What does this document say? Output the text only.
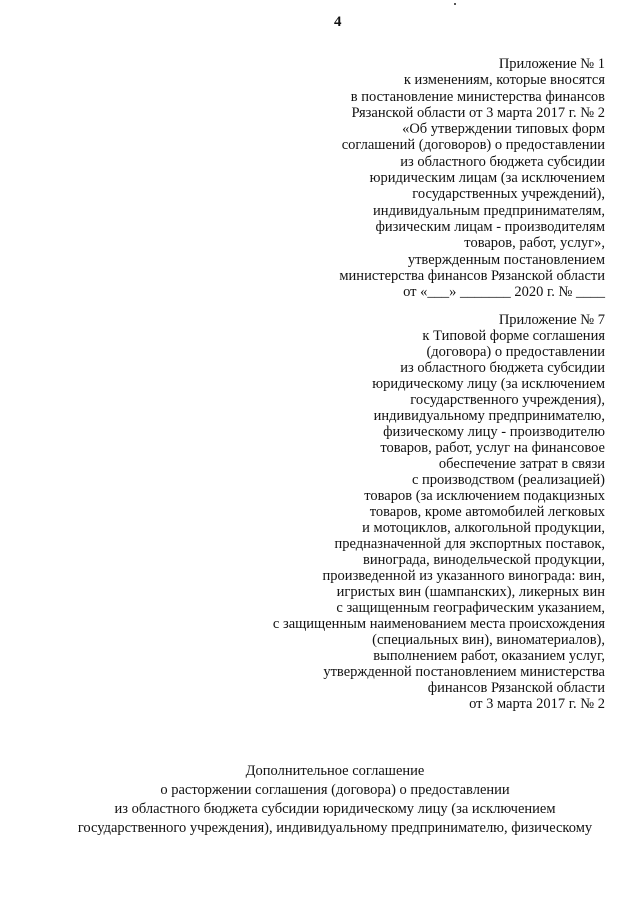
4
Приложение № 1
к изменениям, которые вносятся
в постановление министерства финансов
Рязанской области от 3 марта 2017 г. № 2
«Об утверждении типовых форм
соглашений (договоров) о предоставлении
из областного бюджета субсидии
юридическим лицам (за исключением
государственных учреждений),
индивидуальным предпринимателям,
физическим лицам - производителям
товаров, работ, услуг»,
утвержденным постановлением
министерства финансов Рязанской области
от «___» _______ 2020 г. № ____
Приложение № 7
к Типовой форме соглашения
(договора) о предоставлении
из областного бюджета субсидии
юридическому лицу (за исключением
государственного учреждения),
индивидуальному предпринимателю,
физическому лицу - производителю
товаров, работ, услуг на финансовое
обеспечение затрат в связи
с производством (реализацией)
товаров (за исключением подакцизных
товаров, кроме автомобилей легковых
и мотоциклов, алкогольной продукции,
предназначенной для экспортных поставок,
винограда, винодельческой продукции,
произведенной из указанного винограда: вин,
игристых вин (шампанских), ликерных вин
с защищенным географическим указанием,
с защищенным наименованием места происхождения
(специальных вин), виноматериалов),
выполнением работ, оказанием услуг,
утвержденной постановлением министерства
финансов Рязанской области
от 3 марта 2017 г. № 2
Дополнительное соглашение
о расторжении соглашения (договора) о предоставлении
из областного бюджета субсидии юридическому лицу (за исключением
государственного учреждения), индивидуальному предпринимателю, физическому
